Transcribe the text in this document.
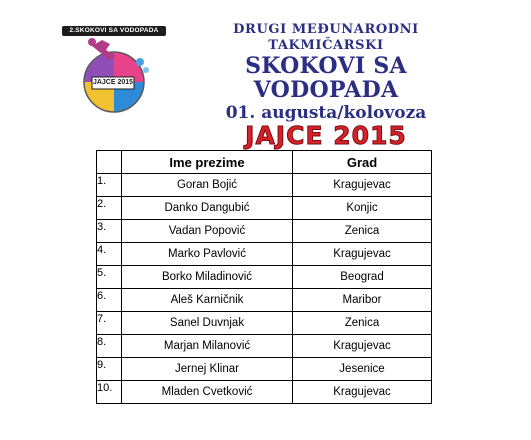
2.SKOKOVI SA VODOPADA
JAJCE 2015
DRUGI MEĐUNARODNI TAKMIČARSKI
SKOKOVI SA VODOPADA
01. augusta/kolovoza
JAJCE 2015
	Ime prezime	Grad
1.	Goran Bojić	Kragujevac
2.	Danko Dangubić	Konjic
3.	Vadan Popović	Zenica
4.	Marko Pavlović	Kragujevac
5.	Borko Miladinović	Beograd
6.	Aleš Karničnik	Maribor
7.	Sanel Duvnjak	Zenica
8.	Marjan Milanović	Kragujevac
9.	Jernej Klinar	Jesenice
10.	Mladen Cvetković	Kragujevac
